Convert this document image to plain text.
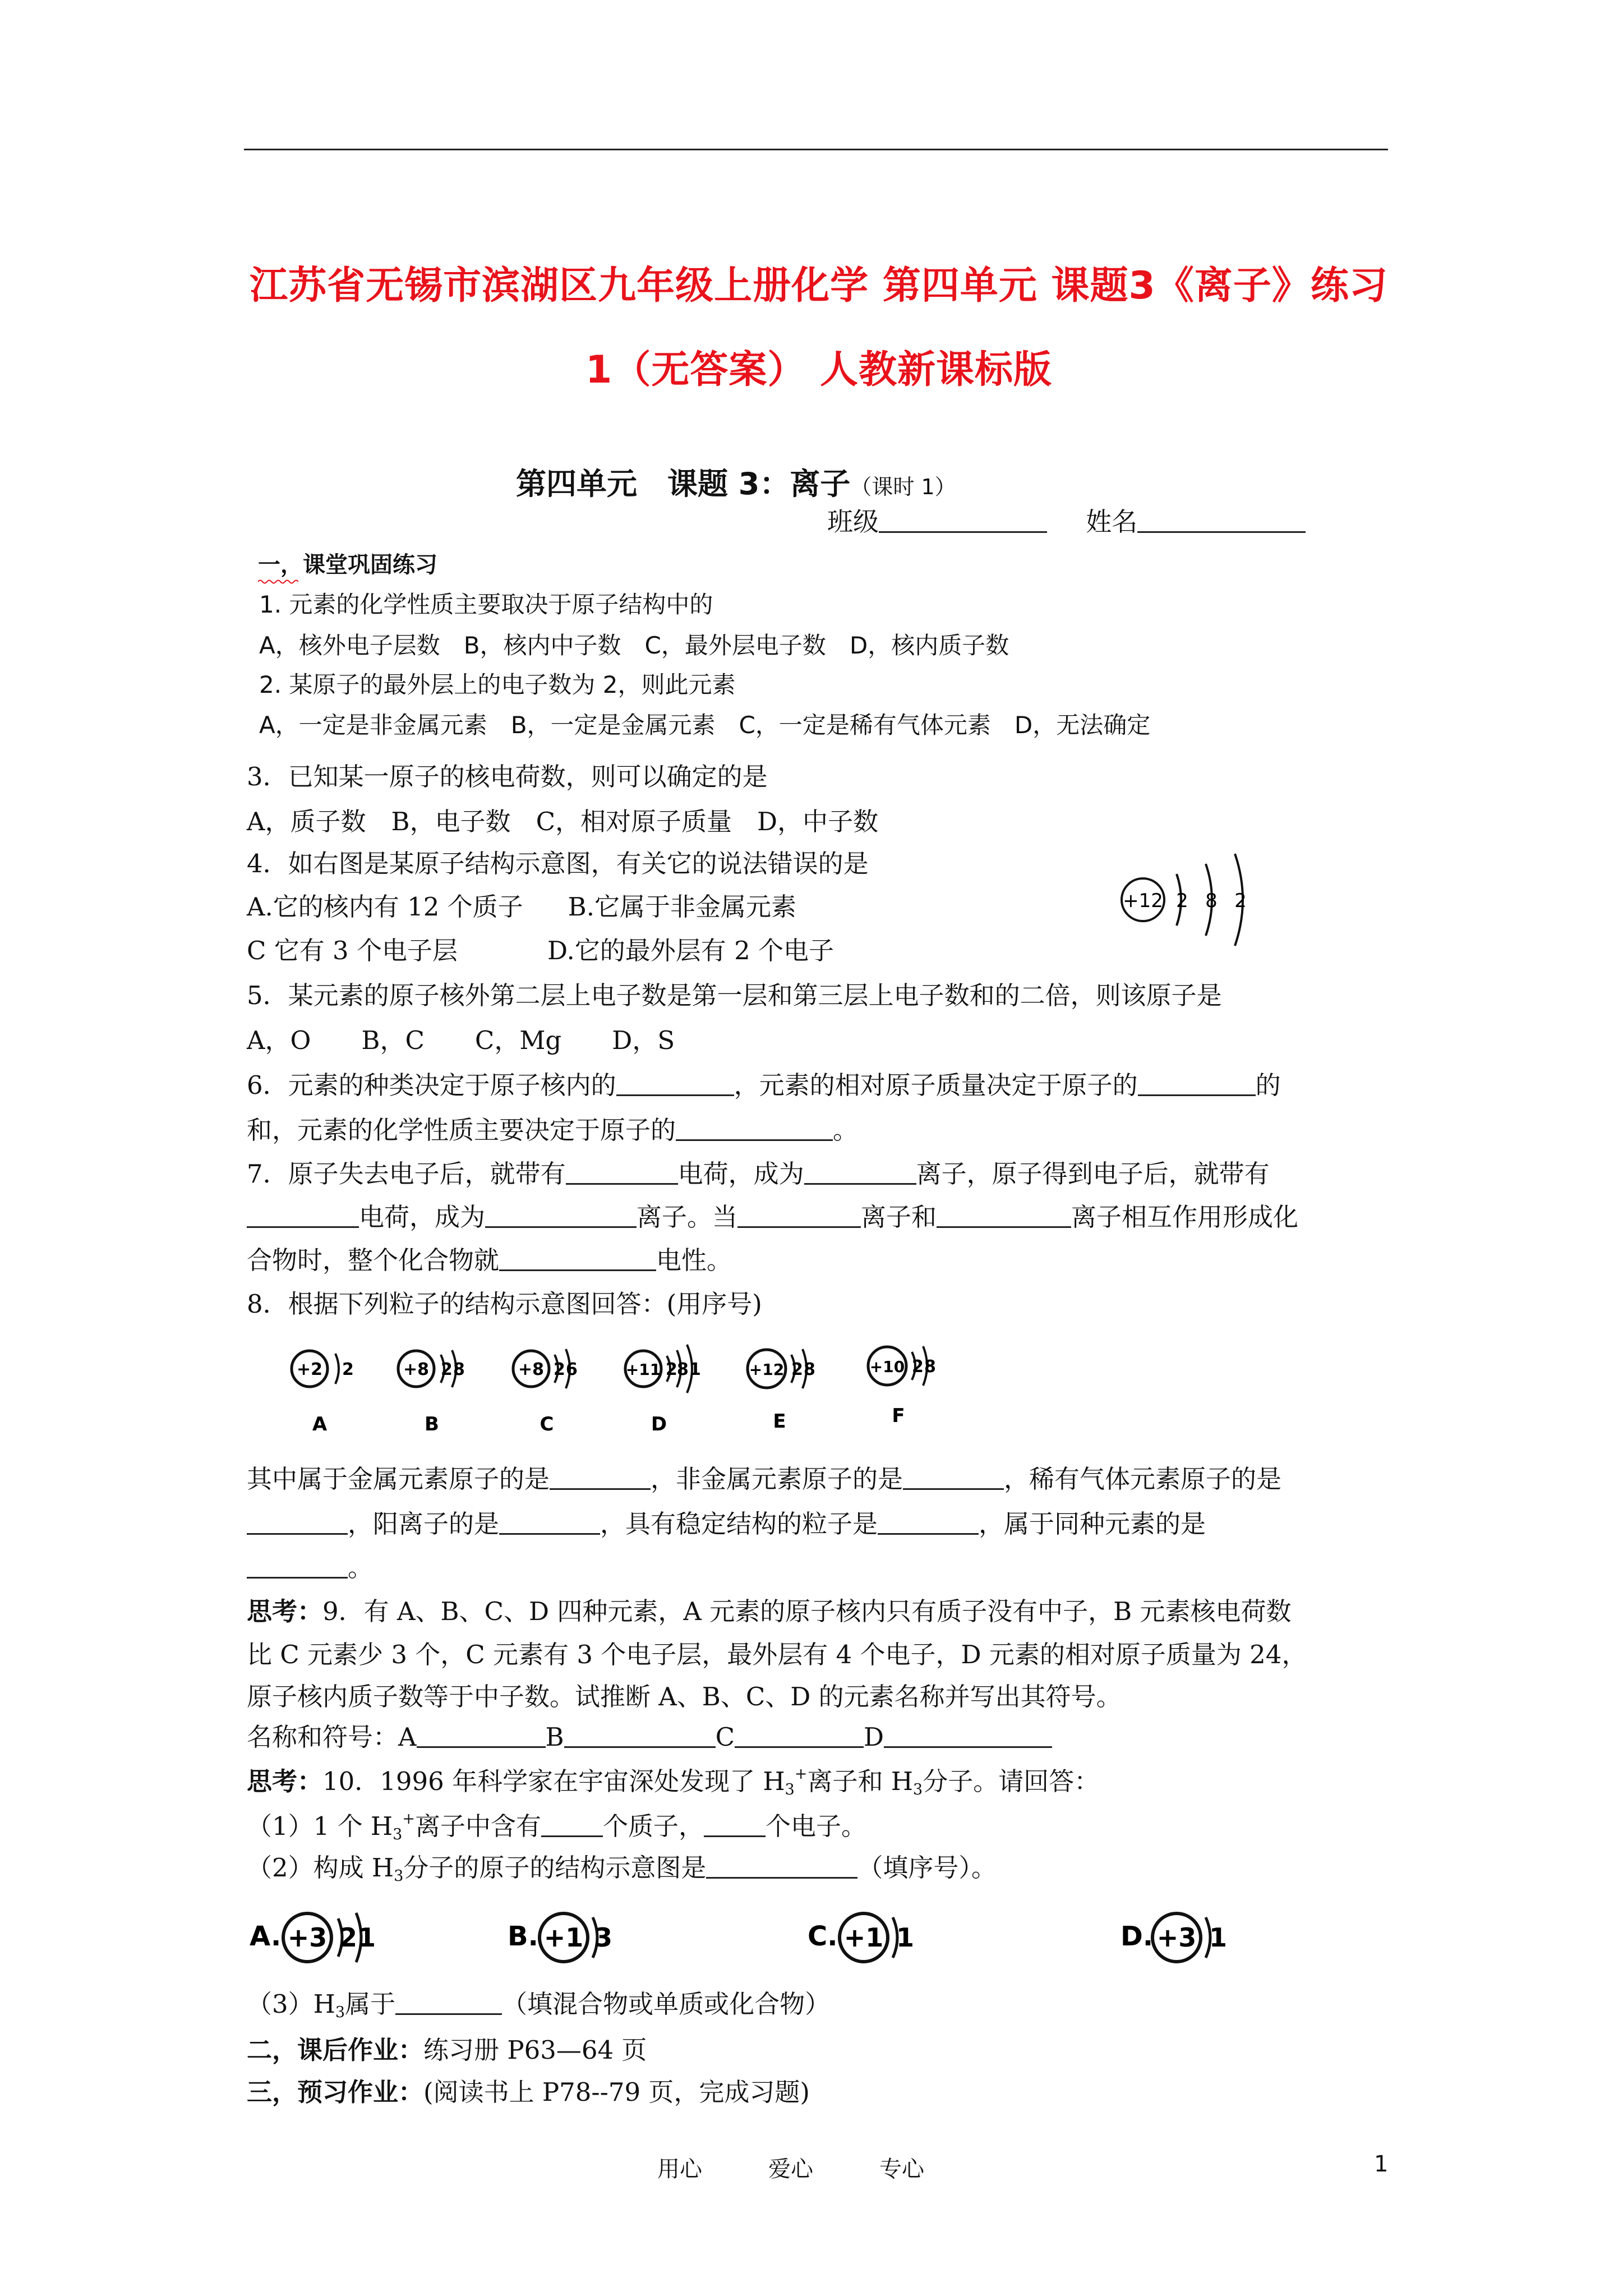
江苏省无锡市滨湖区九年级上册化学 第四单元 课题3《离子》练习
1（无答案） 人教新课标版
第四单元　课题 3：离子（课时 1）
班级	姓名
一，课堂巩固练习
1. 元素的化学性质主要取决于原子结构中的
A，核外电子层数　B，核内中子数　C，最外层电子数　D，核内质子数
2. 某原子的最外层上的电子数为 2，则此元素
A，一定是非金属元素　B，一定是金属元素　C，一定是稀有气体元素　D，无法确定
3．已知某一原子的核电荷数，则可以确定的是
A，质子数　B，电子数　C，相对原子质量　D，中子数
4．如右图是某原子结构示意图，有关它的说法错误的是
A.它的核内有 12 个质子 B.它属于非金属元素
C 它有 3 个电子层	D.它的最外层有 2 个电子
+12 2 8 2
5．某元素的原子核外第二层上电子数是第一层和第三层上电子数和的二倍，则该原子是
A，O B，C C，Mg D，S
6．元素的种类决定于原子核内的	，元素的相对原子质量决定于原子的	的
和，元素的化学性质主要决定于原子的	。
7．原子失去电子后，就带有	电荷，成为	离子，原子得到电子后，就带有
电荷，成为	离子。当	离子和	离子相互作用形成化
合物时，整个化合物就	电性。
8．根据下列粒子的结构示意图回答：(用序号)
+2 2
A
+8 2 8
B
+8 2 6
C
+11 2 8 1
D
+12 2 8
E
+10 2 8
F
其中属于金属元素原子的是	，非金属元素原子的是	，稀有气体元素原子的是
，阳离子的是	，具有稳定结构的粒子是	，属于同种元素的是
。
思考：9．有 A、B、C、D 四种元素，A 元素的原子核内只有质子没有中子，B 元素核电荷数
比 C 元素少 3 个，C 元素有 3 个电子层，最外层有 4 个电子，D 元素的相对原子质量为 24，
原子核内质子数等于中子数。试推断 A、B、C、D 的元素名称并写出其符号。
名称和符号：A	B	C	D
思考：10．1996 年科学家在宇宙深处发现了 H3+离子和 H3分子。请回答：
（1）1 个 H3+离子中含有 个质子， 个电子。
（2）构成 H3分子的原子的结构示意图是	（填序号）。
A. +3 2 1	B. +1 3	C. +1 1	D. +3 1
（3）H3属于	（填混合物或单质或化合物）
二，课后作业：练习册 P63—64 页
三，预习作业：(阅读书上 P78--79 页，完成习题)
用心	爱心	专心	1
